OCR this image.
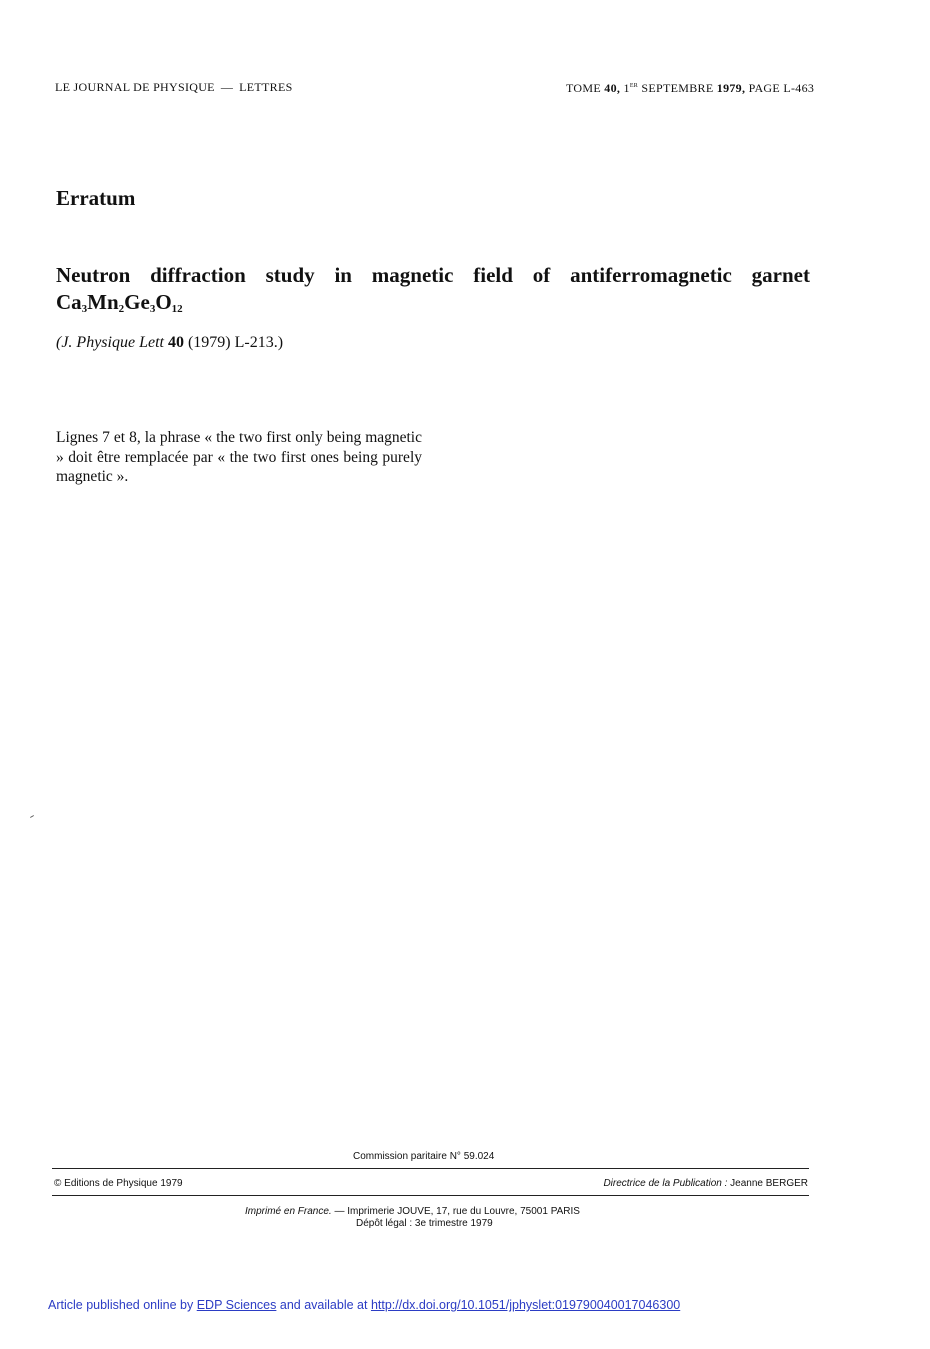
LE JOURNAL DE PHYSIQUE — LETTRES	TOME 40, 1er SEPTEMBRE 1979, PAGE L-463
Erratum
Neutron diffraction study in magnetic field of antiferromagnetic garnet
$Ca_3Mn_2Ge_3O_{12}$
(J. Physique Lett 40 (1979) L-213.)
Lignes 7 et 8, la phrase « the two first only being magnetic » doit être remplacée par « the two first ones being purely magnetic ».
Commission paritaire N° 59.024
© Editions de Physique 1979	Directrice de la Publication : Jeanne BERGER
Imprimé en France. — Imprimerie JOUVE, 17, rue du Louvre, 75001 PARIS
Dépôt légal : 3e trimestre 1979
Article published online by EDP Sciences and available at http://dx.doi.org/10.1051/jphyslet:019790040017046300
